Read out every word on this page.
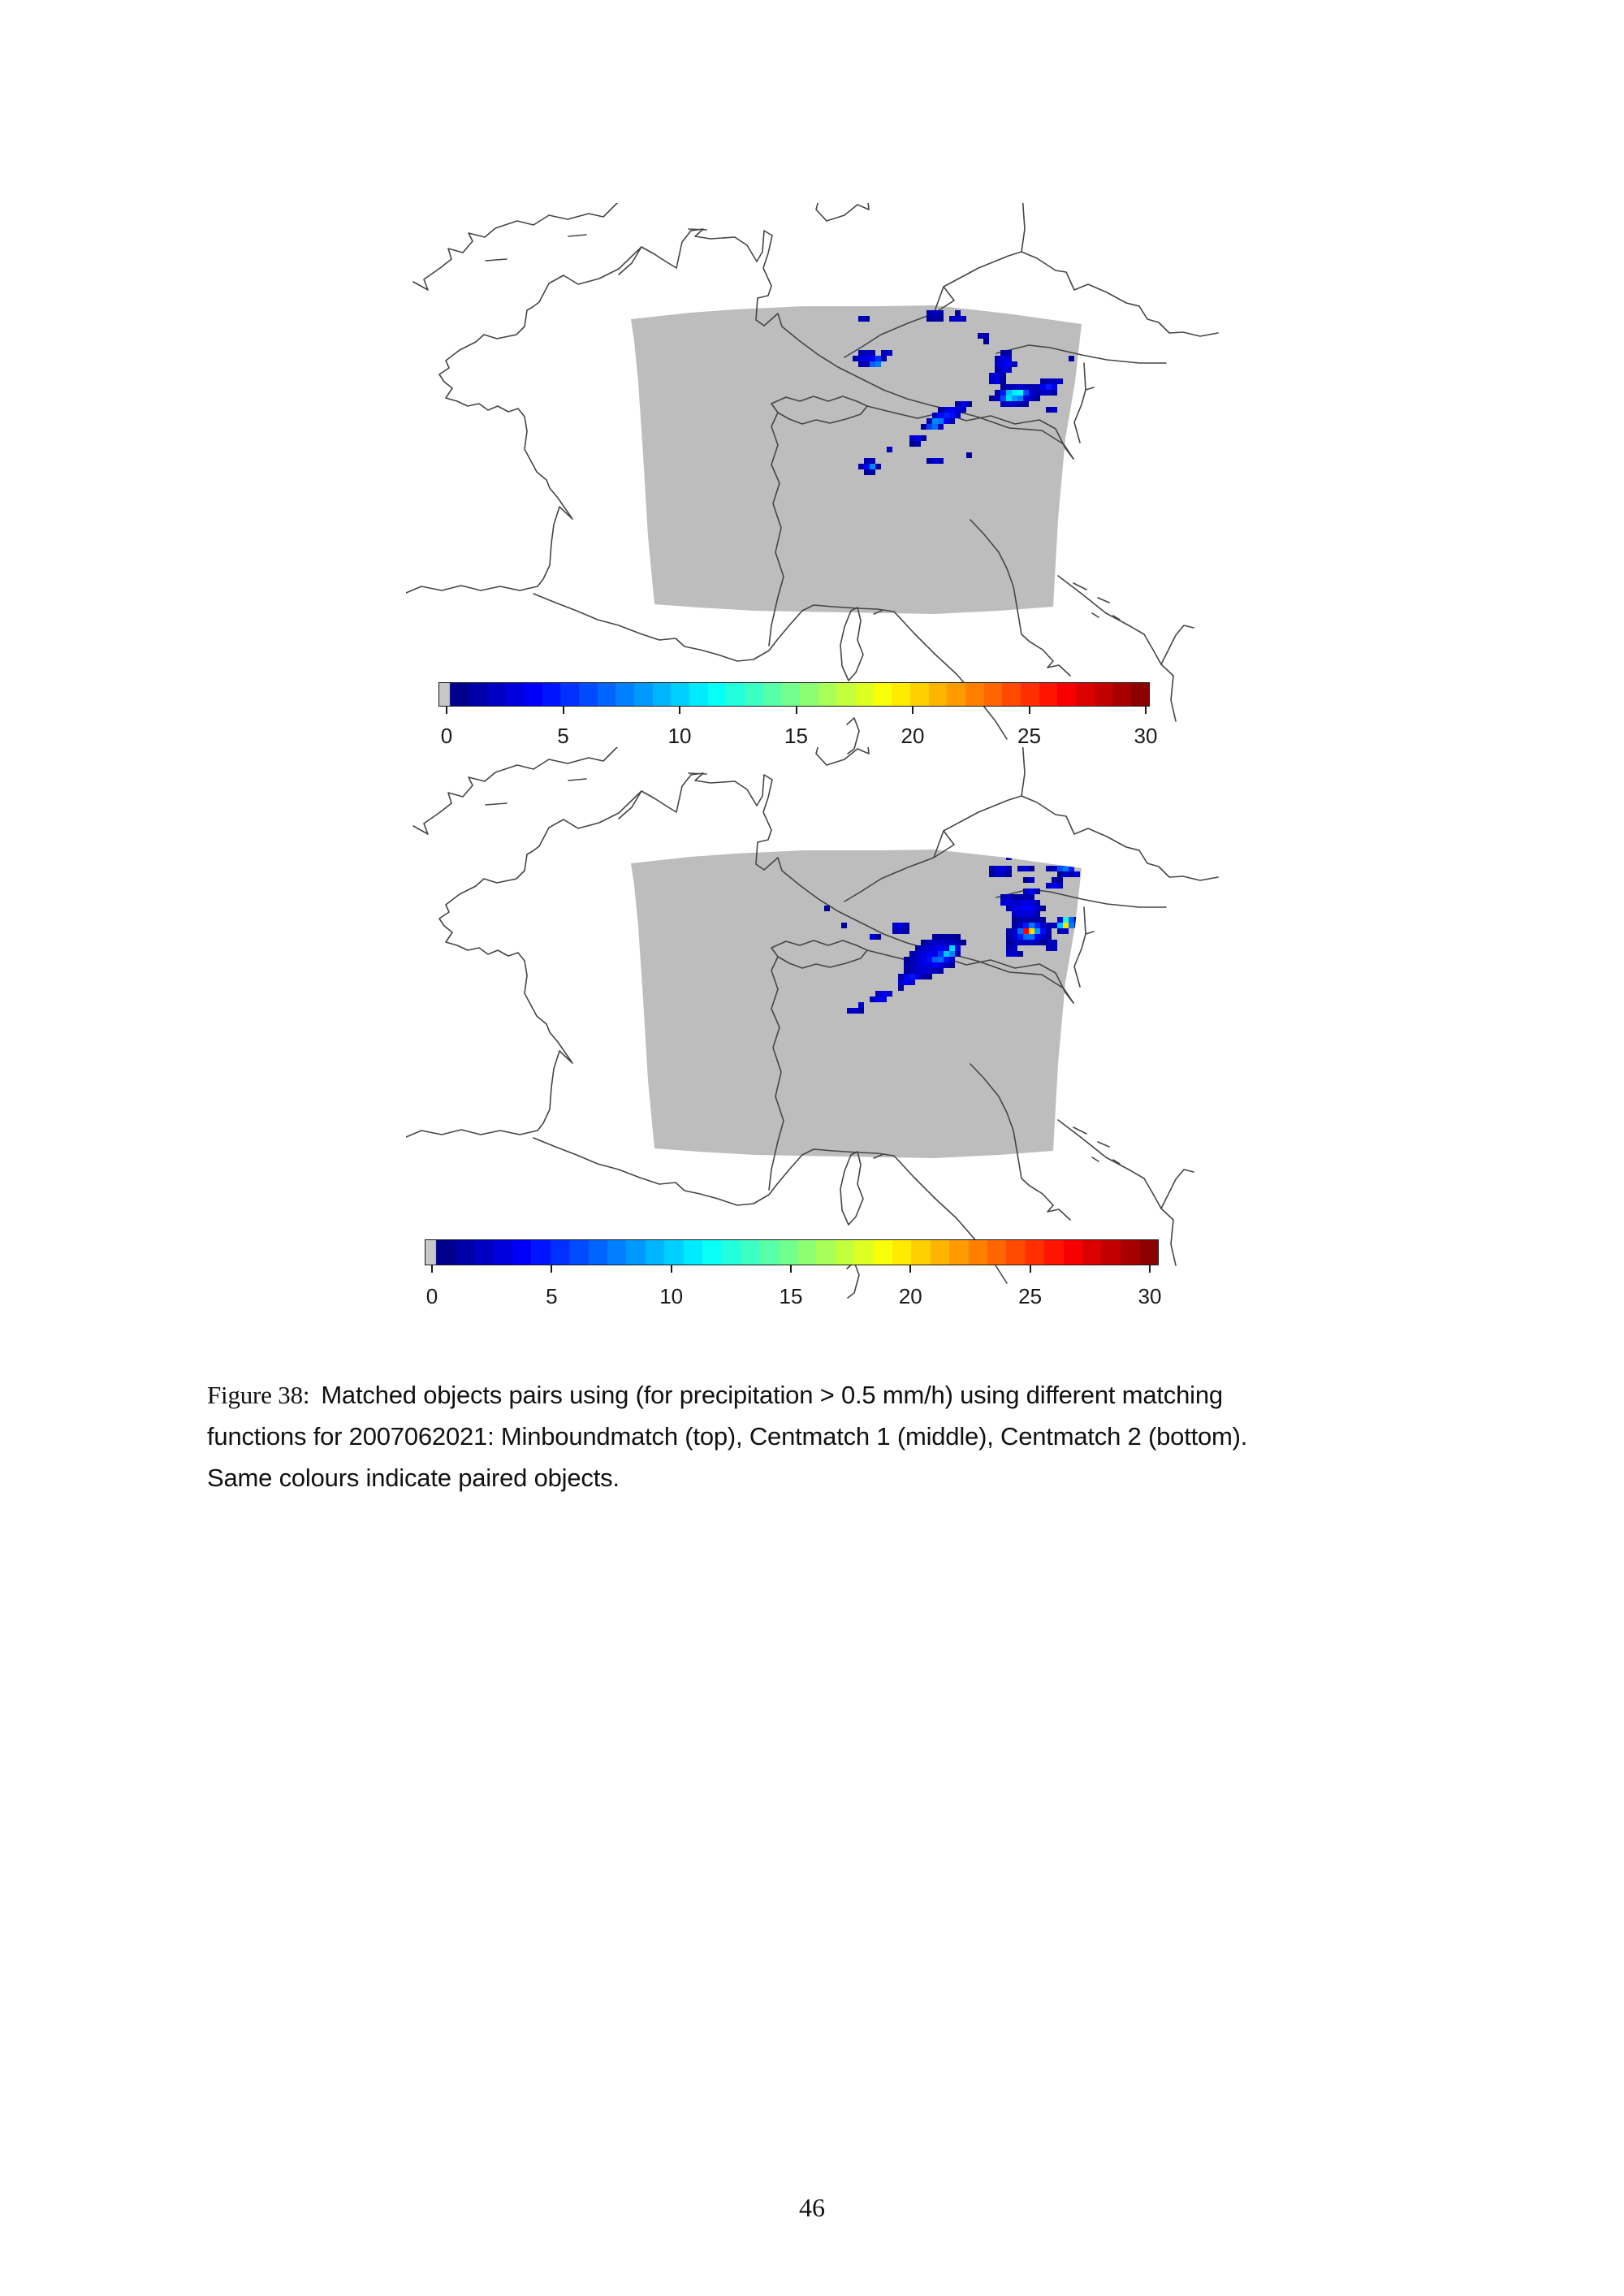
0	5	10	15	20	25	30
0	5	10	15	20	25	30
Figure 38: Matched objects pairs using (for precipitation > 0.5 mm/h) using different matching
functions for 2007062021: Minboundmatch (top), Centmatch 1 (middle), Centmatch 2 (bottom).
Same colours indicate paired objects.
46
